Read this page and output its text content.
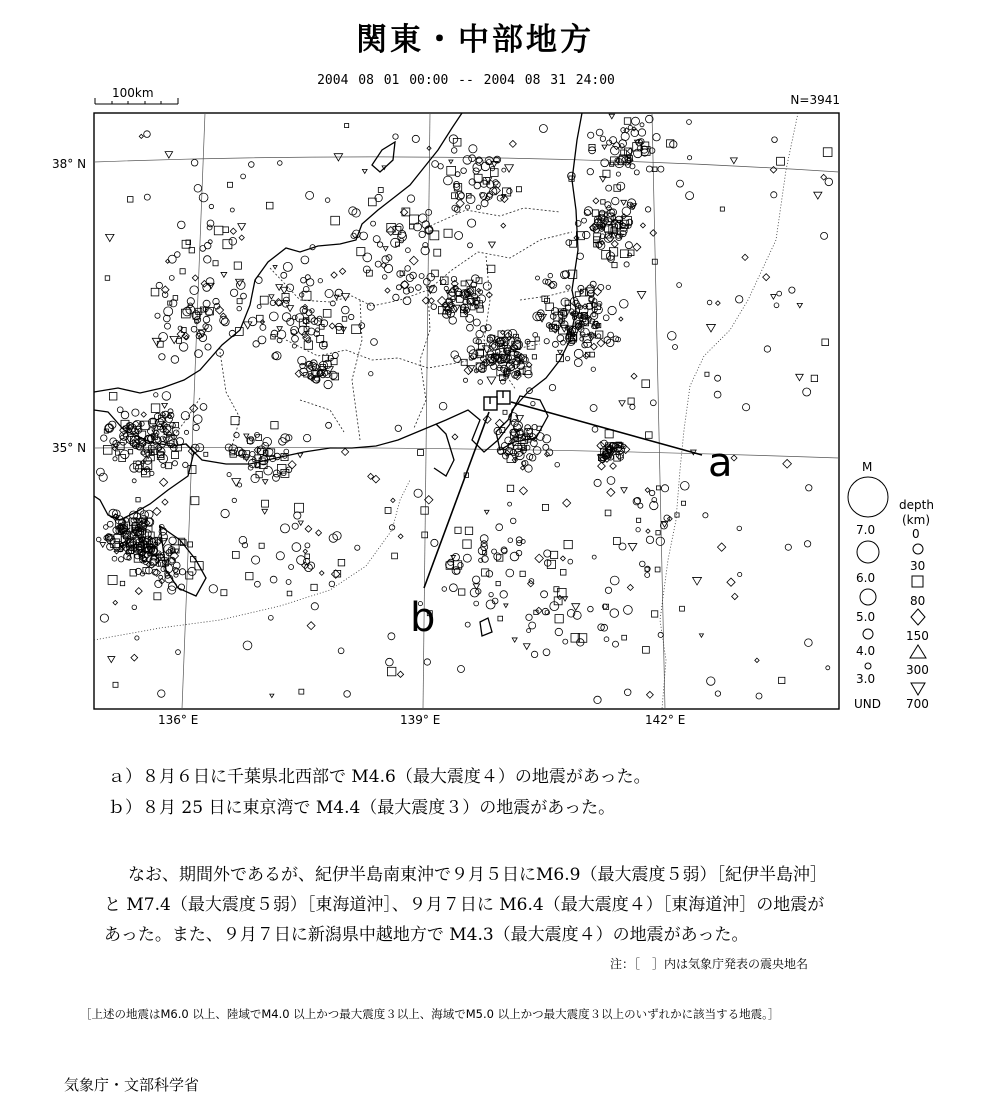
関東・中部地方
2004 08 01 00:00 -- 2004 08 31 24:00
100km	N=3941
38° N
35° N
136° E	139° E	142° E
M
7.0
6.0
5.0
4.0
3.0
UND
depth
(km)
0
30
80
150
300
700
a
b
ａ）８月６日に千葉県北西部で M4.6（最大震度４）の地震があった。
ｂ）８月 25 日に東京湾で M4.4（最大震度３）の地震があった。
なお、期間外であるが、紀伊半島南東沖で９月５日にM6.9（最大震度５弱）［紀伊半島沖］
と M7.4（最大震度５弱）［東海道沖］、９月７日に M6.4（最大震度４）［東海道沖］の地震が
あった。また、９月７日に新潟県中越地方で M4.3（最大震度４）の地震があった。
注：［　］内は気象庁発表の震央地名
［上述の地震はM6.0 以上、陸域でM4.0 以上かつ最大震度３以上、海域でM5.0 以上かつ最大震度３以上のいずれかに該当する地震。］
気象庁・文部科学省
